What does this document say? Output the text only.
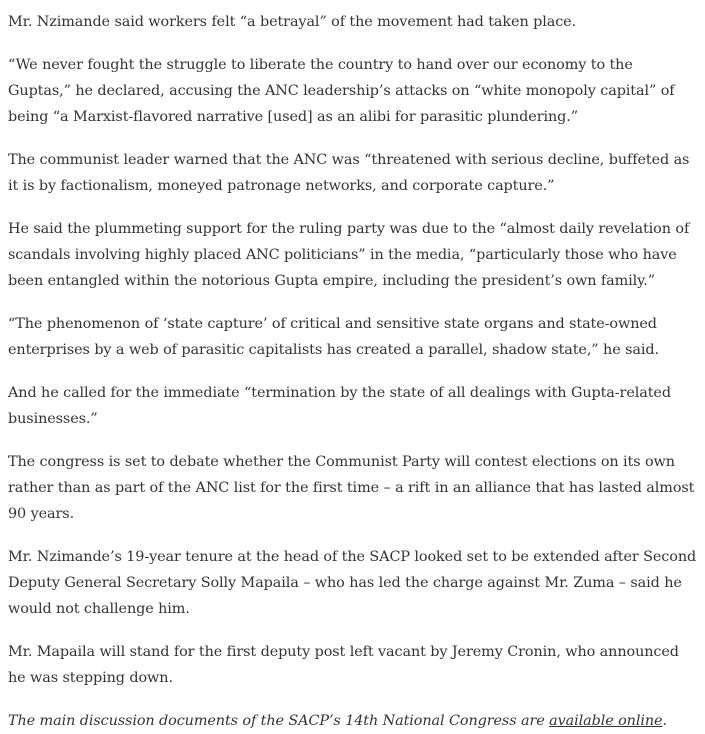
Mr. Nzimande said workers felt “a betrayal” of the movement had taken place.

“We never fought the struggle to liberate the country to hand over our economy to the Guptas,” he declared, accusing the ANC leadership’s attacks on “white monopoly capital” of being “a Marxist-flavored narrative [used] as an alibi for parasitic plundering.”

The communist leader warned that the ANC was “threatened with serious decline, buffeted as it is by factionalism, moneyed patronage networks, and corporate capture.”

He said the plummeting support for the ruling party was due to the “almost daily revelation of scandals involving highly placed ANC politicians” in the media, “particularly those who have been entangled within the notorious Gupta empire, including the president’s own family.”

“The phenomenon of ‘state capture’ of critical and sensitive state organs and state-owned enterprises by a web of parasitic capitalists has created a parallel, shadow state,” he said.

And he called for the immediate “termination by the state of all dealings with Gupta-related businesses.”

The congress is set to debate whether the Communist Party will contest elections on its own rather than as part of the ANC list for the first time – a rift in an alliance that has lasted almost 90 years.

Mr. Nzimande’s 19-year tenure at the head of the SACP looked set to be extended after Second Deputy General Secretary Solly Mapaila – who has led the charge against Mr. Zuma – said he would not challenge him.

Mr. Mapaila will stand for the first deputy post left vacant by Jeremy Cronin, who announced he was stepping down.

The main discussion documents of the SACP’s 14th National Congress are available online.
